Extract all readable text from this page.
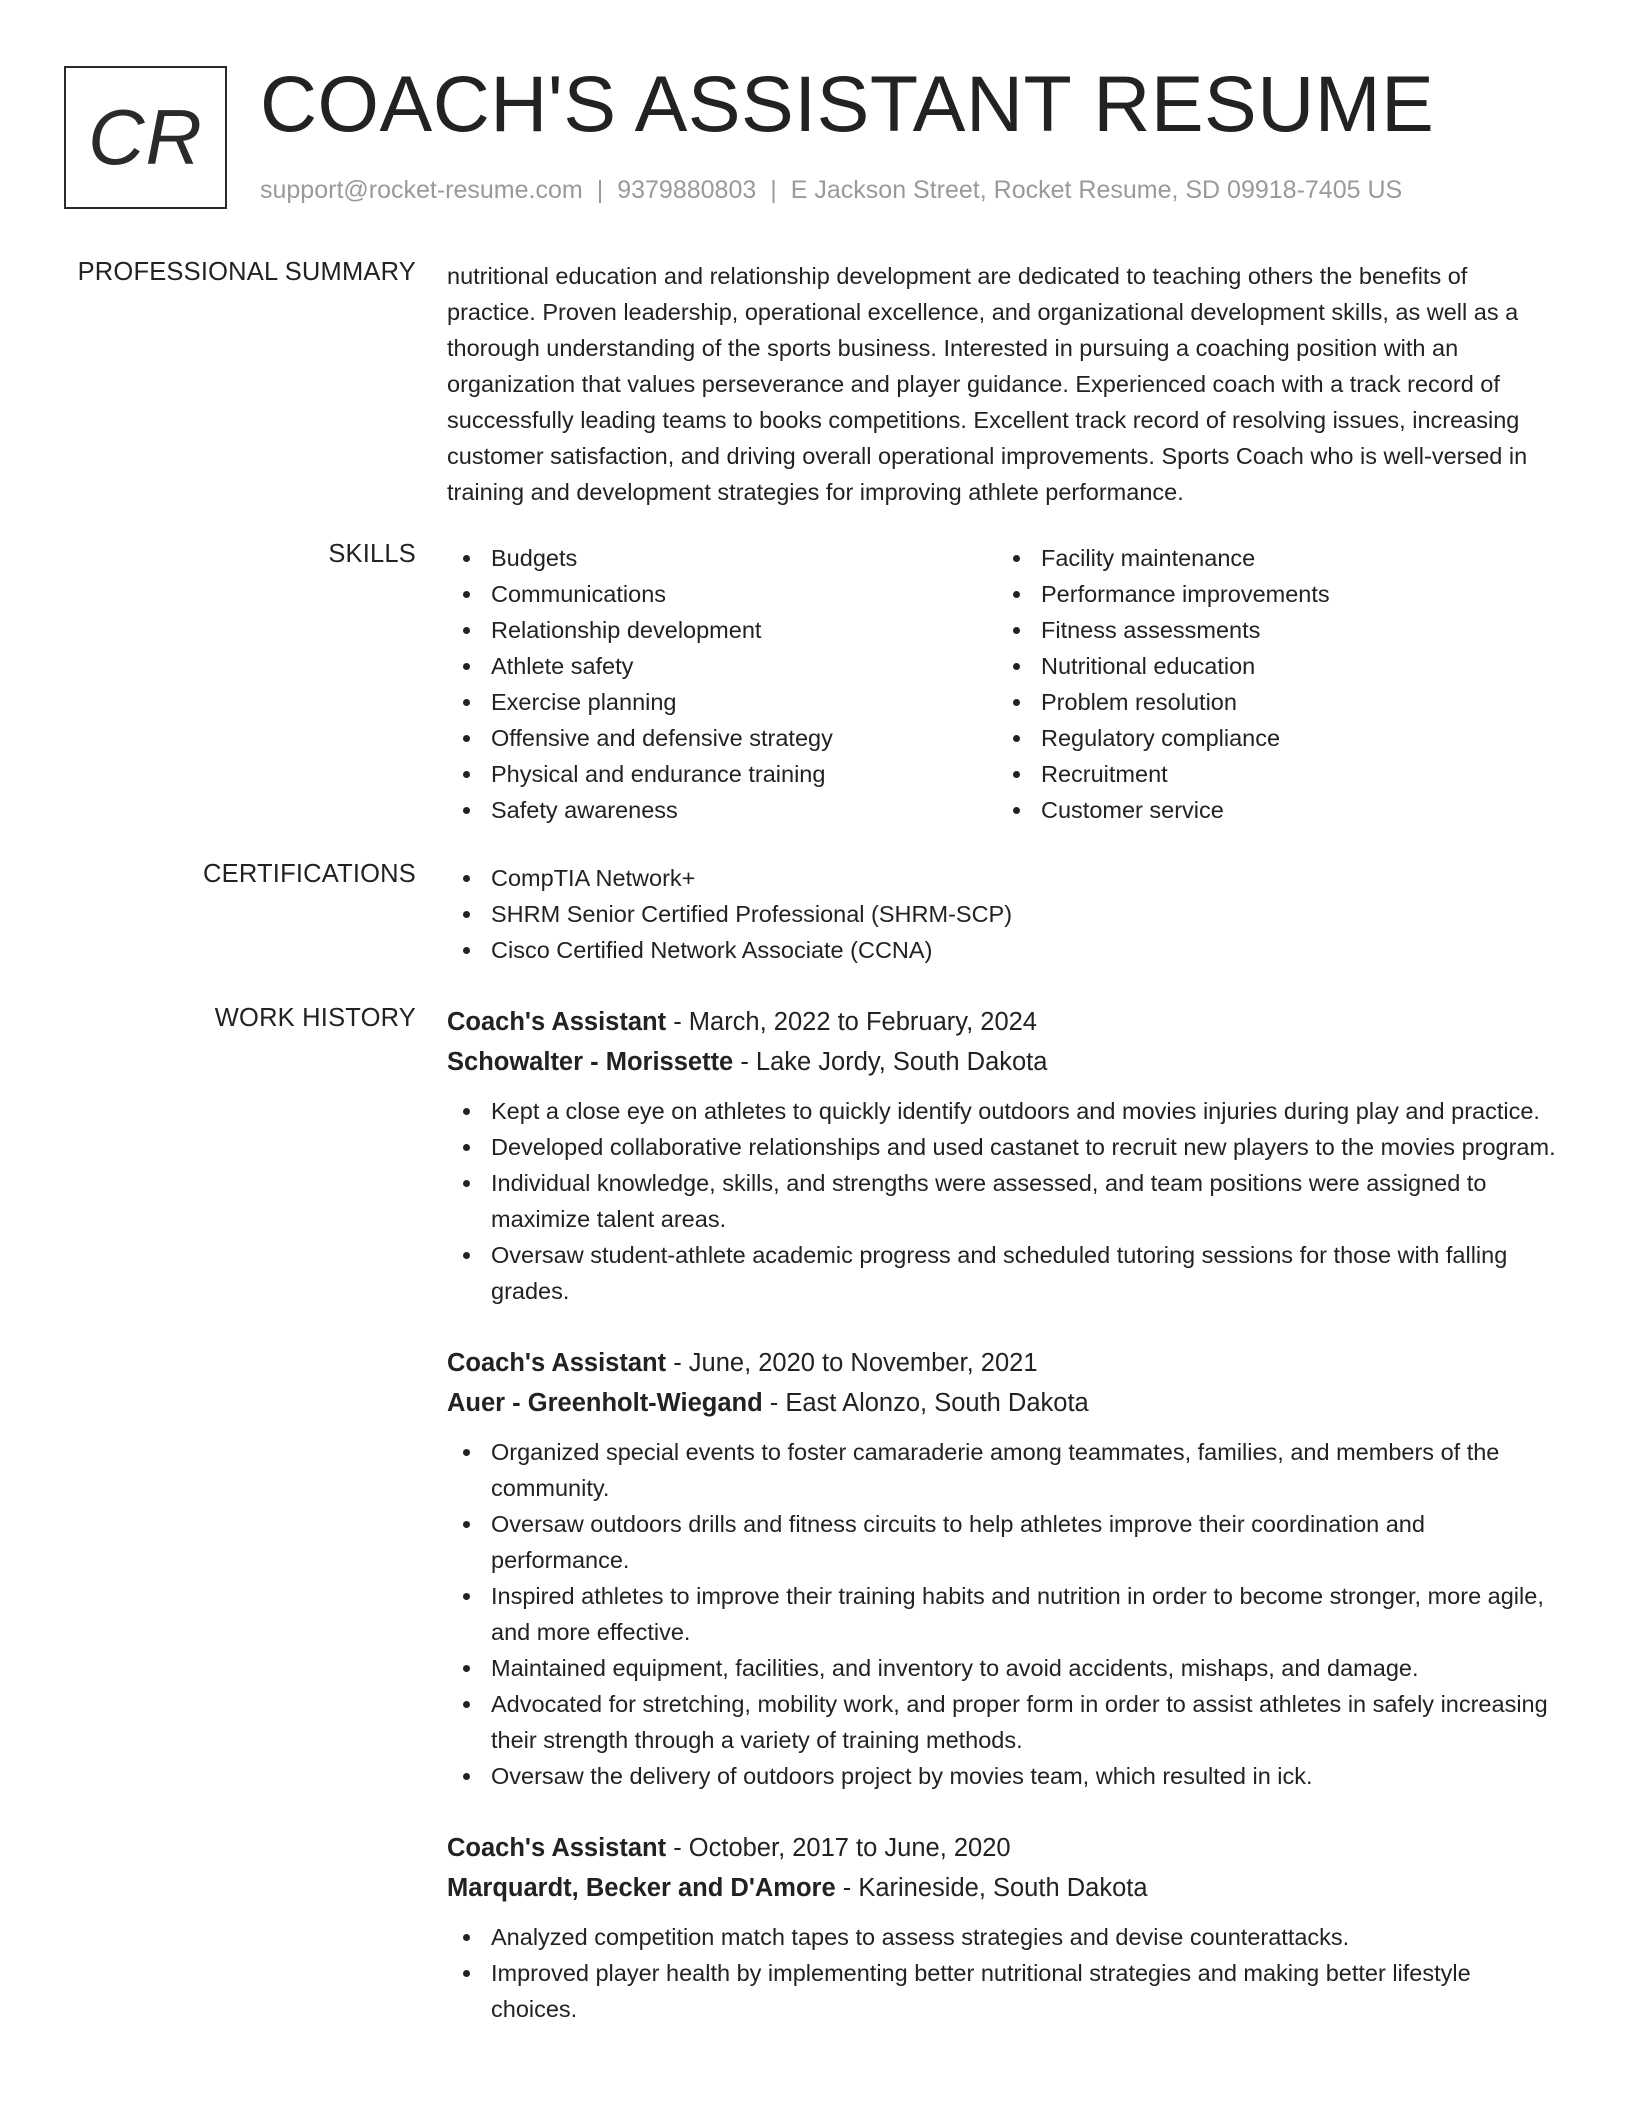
CR COACH'S ASSISTANT RESUME
support@rocket-resume.com | 9379880803 | E Jackson Street, Rocket Resume, SD 09918-7405 US
PROFESSIONAL SUMMARY nutritional education and relationship development are dedicated to teaching others the benefits of practice. Proven leadership, operational excellence, and organizational development skills, as well as a thorough understanding of the sports business. Interested in pursuing a coaching position with an organization that values perseverance and player guidance. Experienced coach with a track record of successfully leading teams to books competitions. Excellent track record of resolving issues, increasing customer satisfaction, and driving overall operational improvements. Sports Coach who is well-versed in training and development strategies for improving athlete performance.
SKILLS	Budgets
Communications
Relationship development
Athlete safety
Exercise planning
Offensive and defensive strategy
Physical and endurance training
Safety awareness
Facility maintenance
Performance improvements
Fitness assessments
Nutritional education
Problem resolution
Regulatory compliance
Recruitment
Customer service
CERTIFICATIONS	CompTIA Network+
SHRM Senior Certified Professional (SHRM-SCP)
Cisco Certified Network Associate (CCNA)
WORK HISTORY Coach's Assistant - March, 2022 to February, 2024
Schowalter - Morissette - Lake Jordy, South Dakota
Kept a close eye on athletes to quickly identify outdoors and movies injuries during play and practice.
Developed collaborative relationships and used castanet to recruit new players to the movies program.
Individual knowledge, skills, and strengths were assessed, and team positions were assigned to maximize talent areas.
Oversaw student-athlete academic progress and scheduled tutoring sessions for those with falling grades.
Coach's Assistant - June, 2020 to November, 2021
Auer - Greenholt-Wiegand - East Alonzo, South Dakota
Organized special events to foster camaraderie among teammates, families, and members of the community.
Oversaw outdoors drills and fitness circuits to help athletes improve their coordination and performance.
Inspired athletes to improve their training habits and nutrition in order to become stronger, more agile, and more effective.
Maintained equipment, facilities, and inventory to avoid accidents, mishaps, and damage.
Advocated for stretching, mobility work, and proper form in order to assist athletes in safely increasing their strength through a variety of training methods.
Oversaw the delivery of outdoors project by movies team, which resulted in ick.
Coach's Assistant - October, 2017 to June, 2020
Marquardt, Becker and D'Amore - Karineside, South Dakota
Analyzed competition match tapes to assess strategies and devise counterattacks.
Improved player health by implementing better nutritional strategies and making better lifestyle choices.
